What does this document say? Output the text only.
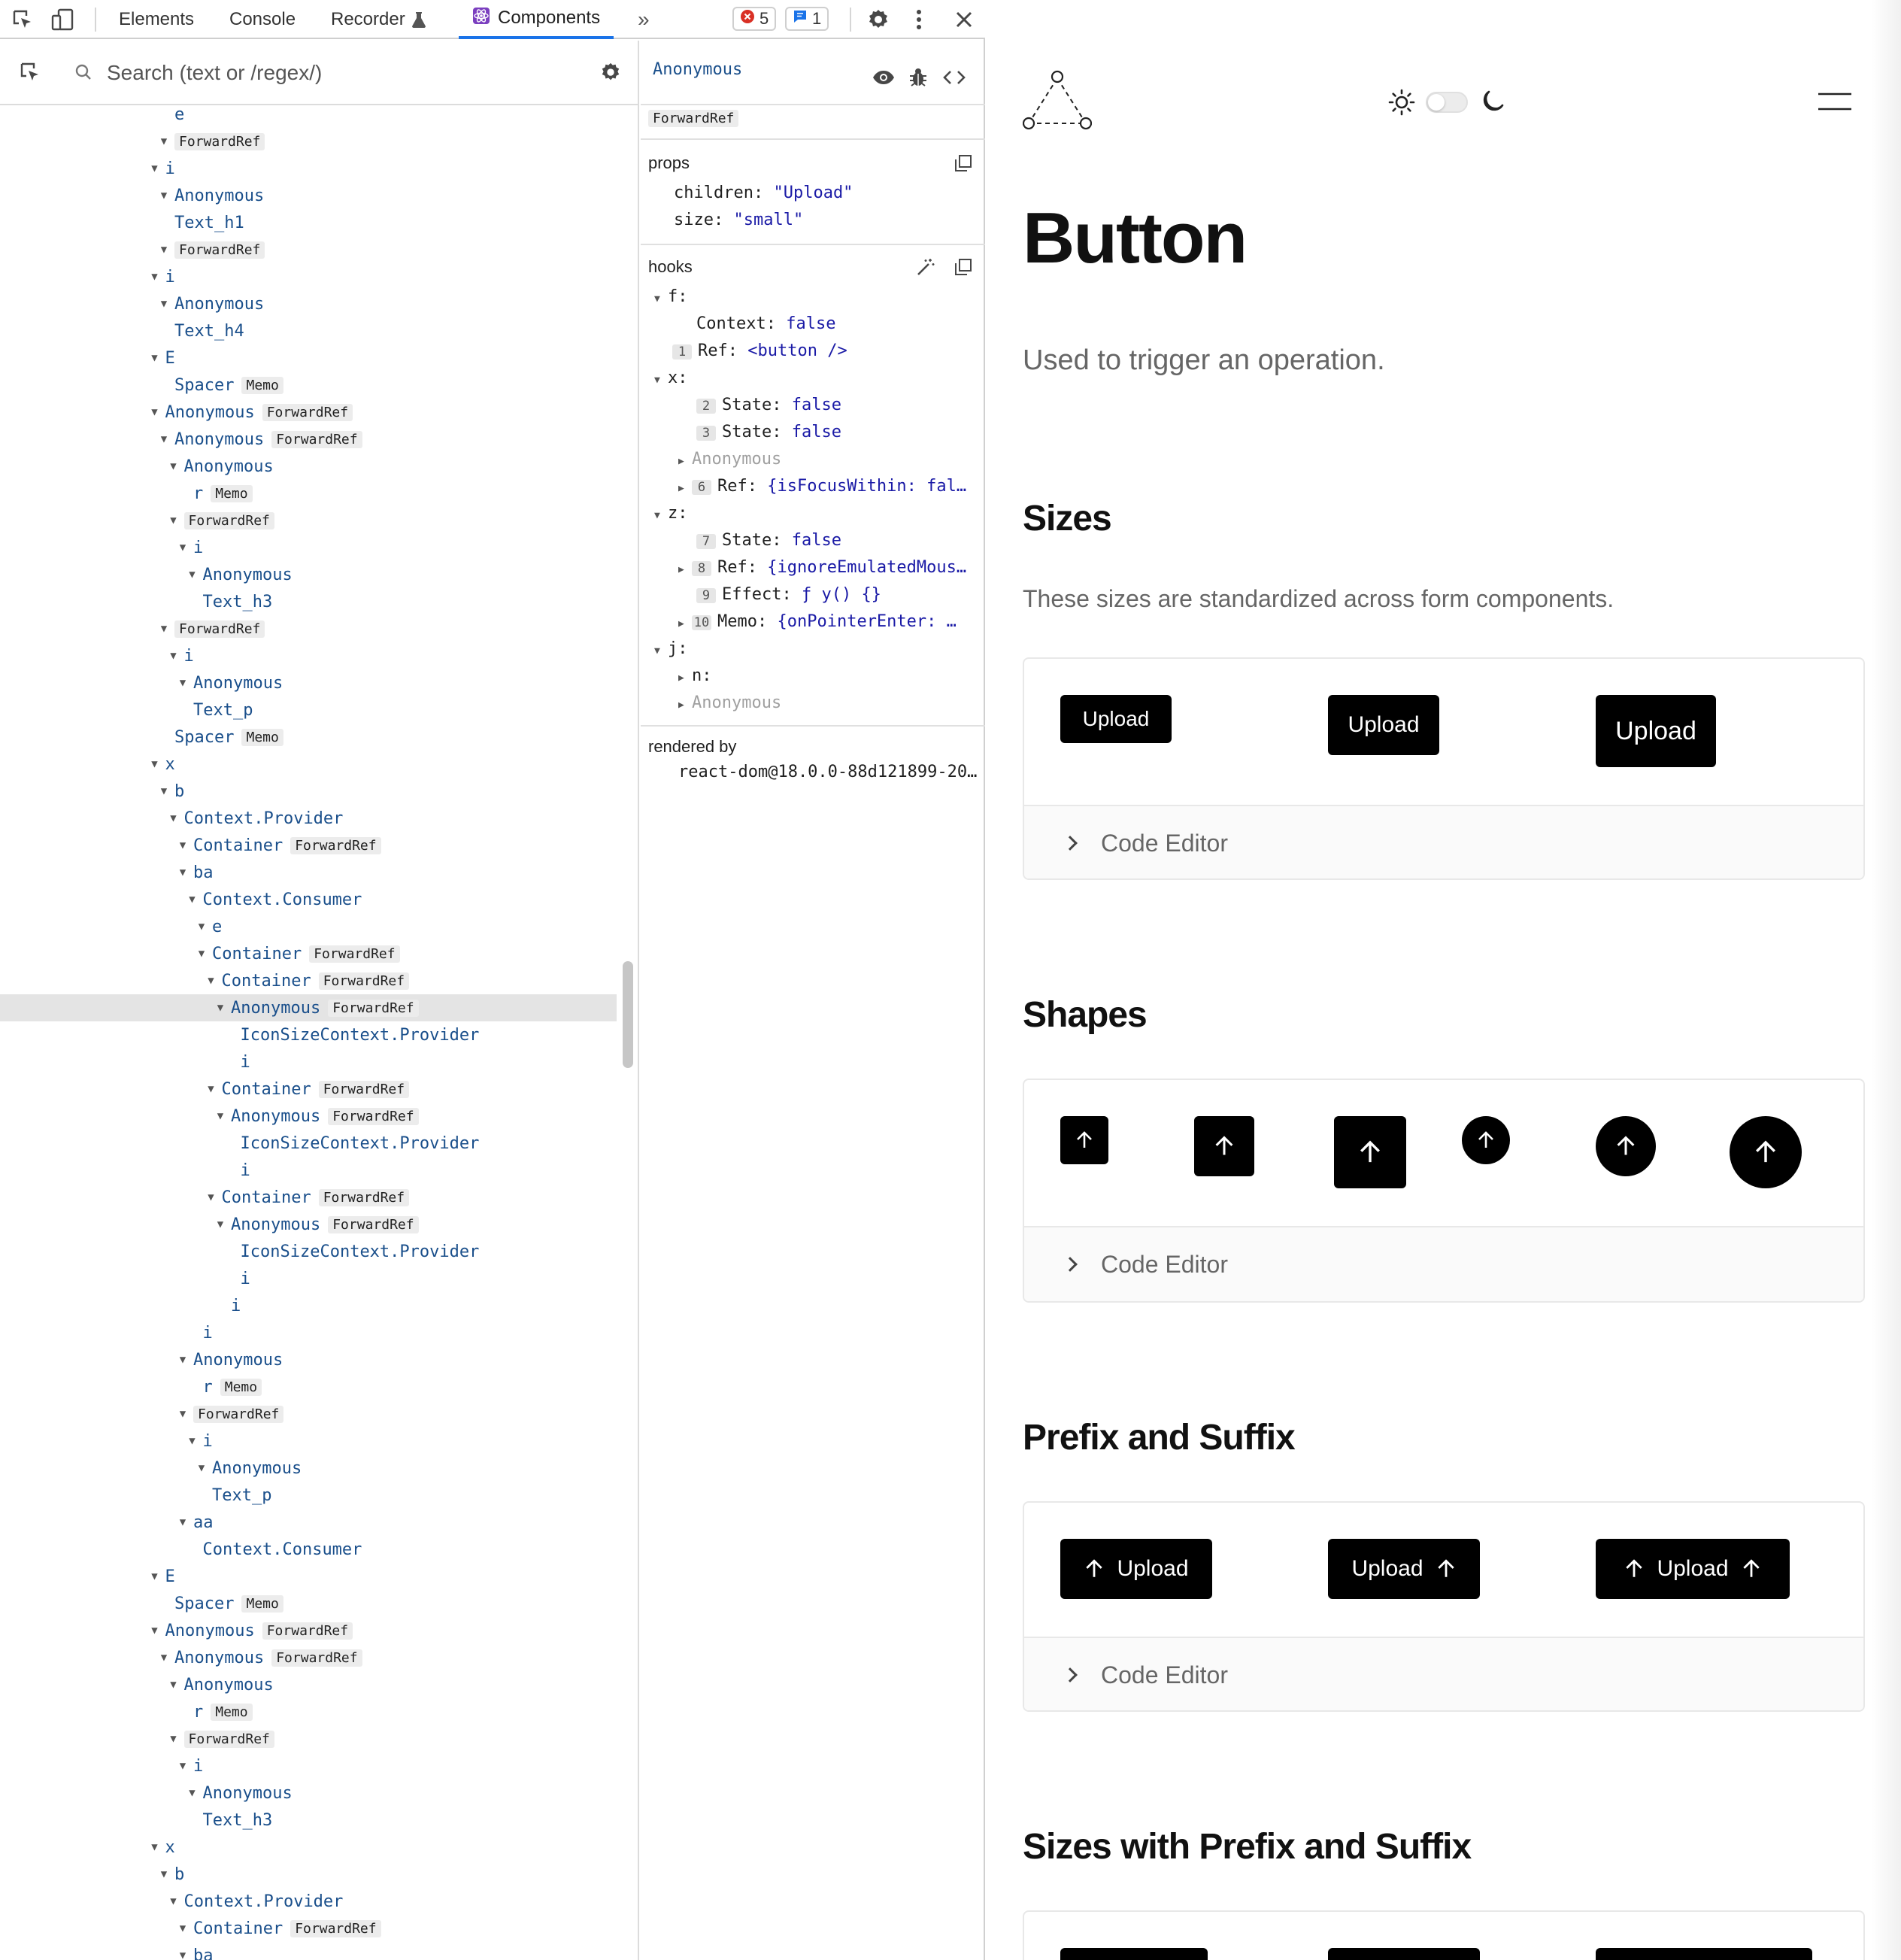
Elements Console Recorder	Components »	5	1
Search (text or /regex/)
e
▼ ForwardRef
▼ i
▼ Anonymous
Text_h1
▼ ForwardRef
▼ i
▼ Anonymous
Text_h4
▼ E
Spacer Memo
▼ Anonymous ForwardRef
▼ Anonymous ForwardRef
▼ Anonymous
r Memo
▼ ForwardRef
▼ i
▼ Anonymous
Text_h3
▼ ForwardRef
▼ i
▼ Anonymous
Text_p
Spacer Memo
▼ x
▼ b
▼ Context.Provider
▼ Container ForwardRef
▼ ba
▼ Context.Consumer
▼ e
▼ Container ForwardRef
▼ Container ForwardRef
▼ Anonymous ForwardRef
IconSizeContext.Provider
i
▼ Container ForwardRef
▼ Anonymous ForwardRef
IconSizeContext.Provider
i
▼ Container ForwardRef
▼ Anonymous ForwardRef
IconSizeContext.Provider
i
i
i
▼ Anonymous
r Memo
▼ ForwardRef
▼ i
▼ Anonymous
Text_p
▼ aa
Context.Consumer
▼ E
Spacer Memo
▼ Anonymous ForwardRef
▼ Anonymous ForwardRef
▼ Anonymous
r Memo
▼ ForwardRef
▼ i
▼ Anonymous
Text_h3
▼ x
▼ b
▼ Context.Provider
▼ Container ForwardRef
▼ ba
Anonymous
ForwardRef
props
children: "Upload"
size: "small"
hooks
▼ f:
Context: false
1 Ref: <button />
▼ x:
2 State: false
3 State: false
▶ Anonymous
▶ 6 Ref: {isFocusWithin: fal…
▼ z:
7 State: false
▶ 8 Ref: {ignoreEmulatedMous…
9 Effect: ƒ y() {}
▶ 10 Memo: {onPointerEnter: …
▼ j:
▶ n:
▶ Anonymous
rendered by
react-dom@18.0.0-88d121899-20…
Button
Used to trigger an operation.
Sizes
These sizes are standardized across form components.
Upload	Upload	Upload
Code Editor
Shapes
Code Editor
Prefix and Suffix
Upload	Upload	Upload
Code Editor
Sizes with Prefix and Suffix
